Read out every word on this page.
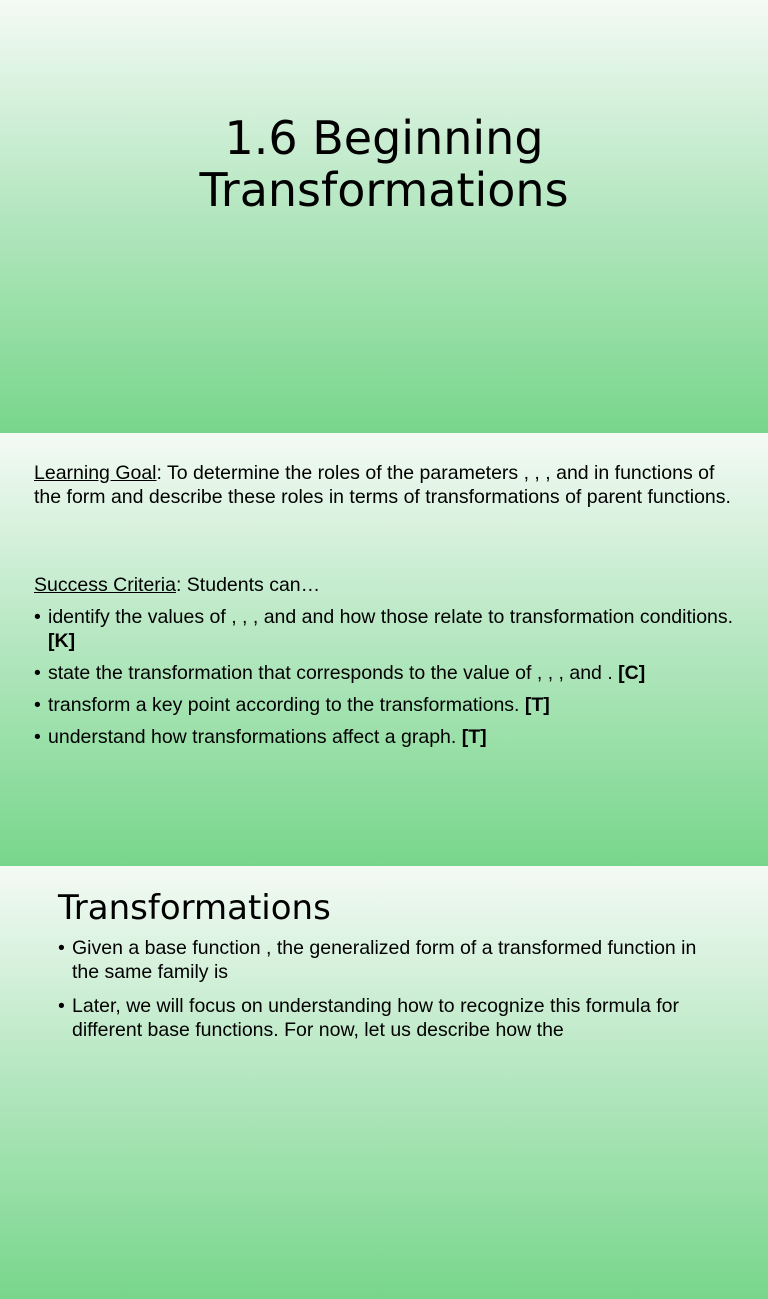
1.6 Beginning
Transformations
Learning Goal: To determine the roles of the parameters , , , and in functions of the form and describe these roles in terms of transformations of parent functions.
Success Criteria: Students can…
• identify the values of , , , and and how those relate to transformation conditions. [K]
• state the transformation that corresponds to the value of , , , and . [C]
• transform a key point according to the transformations. [T]
• understand how transformations affect a graph. [T]
Transformations
• Given a base function , the generalized form of a transformed function in the same family is
• Later, we will focus on understanding how to recognize this formula for different base functions. For now, let us describe how the
